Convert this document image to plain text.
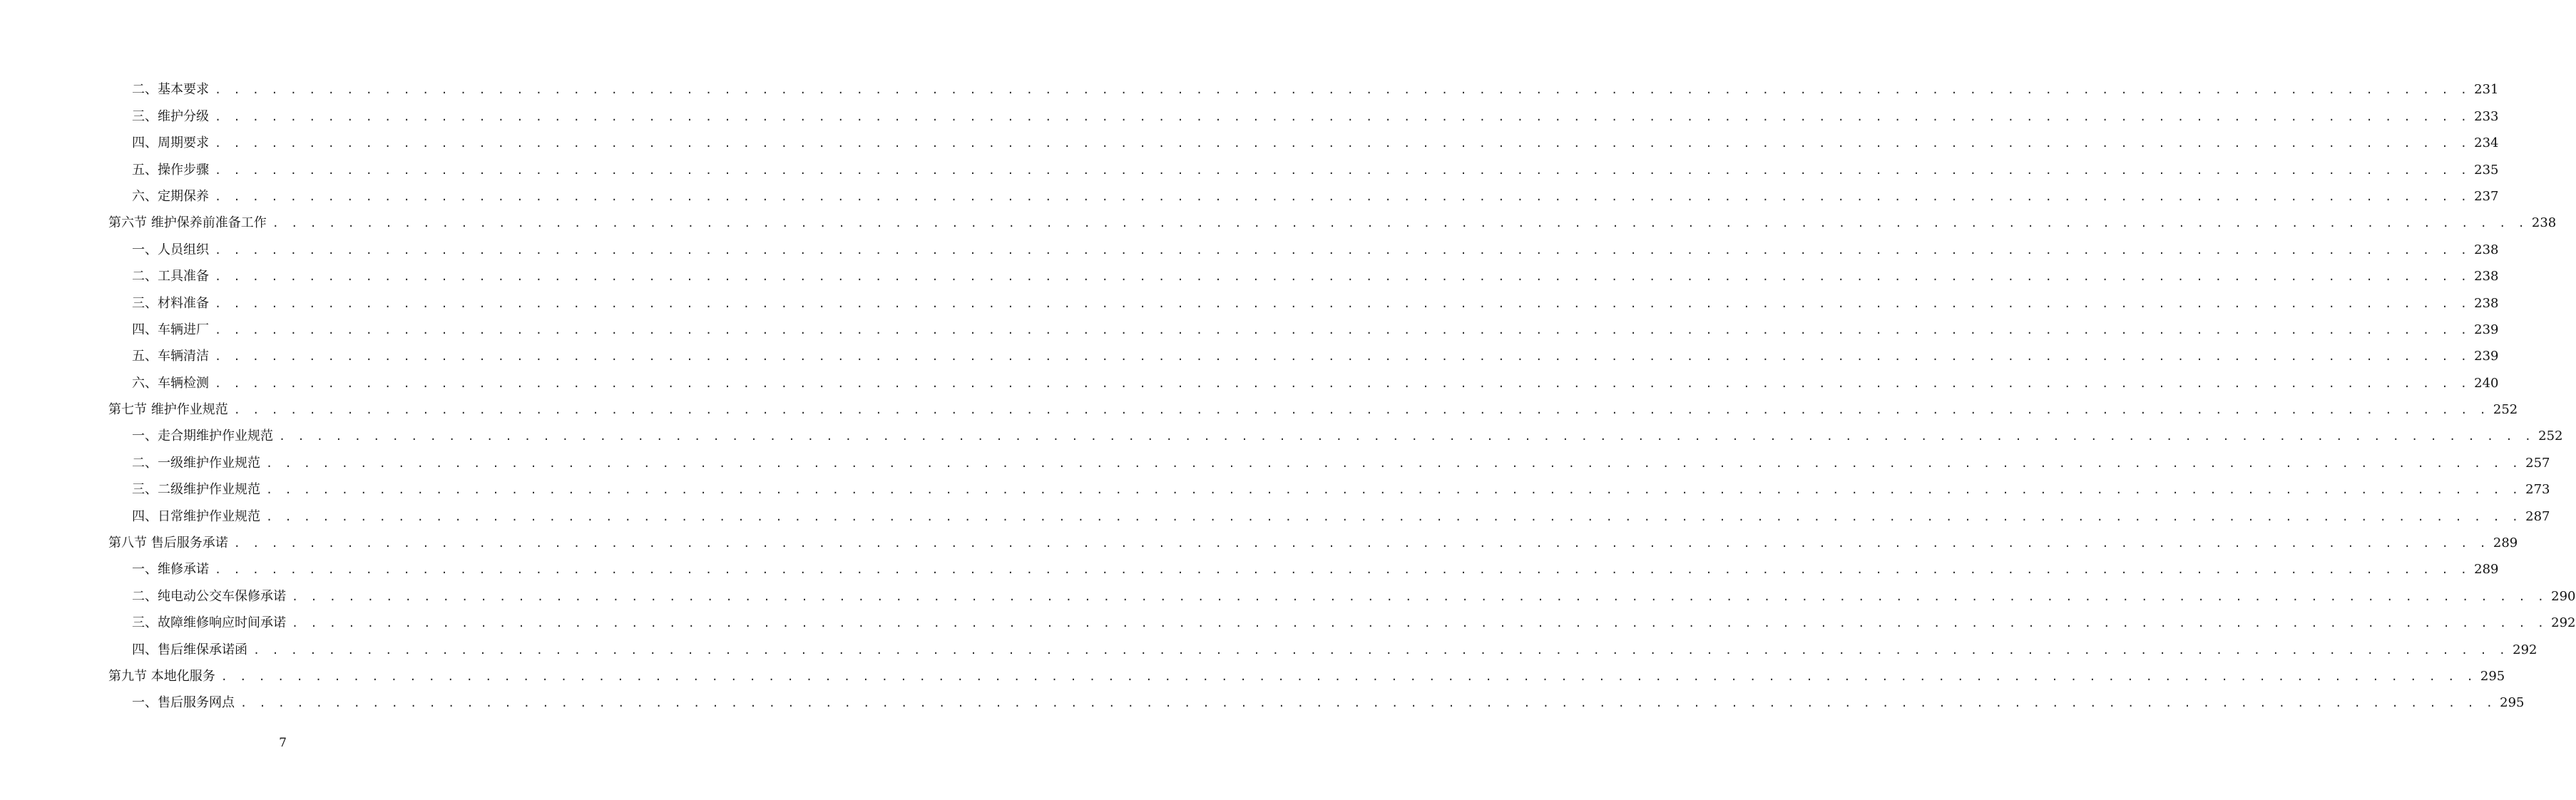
二、基本要求 . . . . . . . . . . . . . . . . . . . . . . . . . . . . . . . . . . . . . . . . . . . . . . . . . . . . . . . . . . . . . . . . . . . . . . . . . . . . . . . . . . . . . . . . . . . . . . . . . . . . . . . . . . . . . . . . . . . . . . . . 231
三、维护分级 . . . . . . . . . . . . . . . . . . . . . . . . . . . . . . . . . . . . . . . . . . . . . . . . . . . . . . . . . . . . . . . . . . . . . . . . . . . . . . . . . . . . . . . . . . . . . . . . . . . . . . . . . . . . . . . . . . . . . . . . 233
四、周期要求 . . . . . . . . . . . . . . . . . . . . . . . . . . . . . . . . . . . . . . . . . . . . . . . . . . . . . . . . . . . . . . . . . . . . . . . . . . . . . . . . . . . . . . . . . . . . . . . . . . . . . . . . . . . . . . . . . . . . . . . . 234
五、操作步骤 . . . . . . . . . . . . . . . . . . . . . . . . . . . . . . . . . . . . . . . . . . . . . . . . . . . . . . . . . . . . . . . . . . . . . . . . . . . . . . . . . . . . . . . . . . . . . . . . . . . . . . . . . . . . . . . . . . . . . . . . 235
六、定期保养 . . . . . . . . . . . . . . . . . . . . . . . . . . . . . . . . . . . . . . . . . . . . . . . . . . . . . . . . . . . . . . . . . . . . . . . . . . . . . . . . . . . . . . . . . . . . . . . . . . . . . . . . . . . . . . . . . . . . . . . . 237
第六节 维护保养前准备工作 . . . . . . . . . . . . . . . . . . . . . . . . . . . . . . . . . . . . . . . . . . . . . . . . . . . . . . . . . . . . . . . . . . . . . . . . . . . . . . . . . . . . . . . . . . . . . . . . . . . . . . . . . . . . . . . . . . . . . . . . 238
一、人员组织 . . . . . . . . . . . . . . . . . . . . . . . . . . . . . . . . . . . . . . . . . . . . . . . . . . . . . . . . . . . . . . . . . . . . . . . . . . . . . . . . . . . . . . . . . . . . . . . . . . . . . . . . . . . . . . . . . . . . . . . . 238
二、工具准备 . . . . . . . . . . . . . . . . . . . . . . . . . . . . . . . . . . . . . . . . . . . . . . . . . . . . . . . . . . . . . . . . . . . . . . . . . . . . . . . . . . . . . . . . . . . . . . . . . . . . . . . . . . . . . . . . . . . . . . . . 238
三、材料准备 . . . . . . . . . . . . . . . . . . . . . . . . . . . . . . . . . . . . . . . . . . . . . . . . . . . . . . . . . . . . . . . . . . . . . . . . . . . . . . . . . . . . . . . . . . . . . . . . . . . . . . . . . . . . . . . . . . . . . . . . 238
四、车辆进厂 . . . . . . . . . . . . . . . . . . . . . . . . . . . . . . . . . . . . . . . . . . . . . . . . . . . . . . . . . . . . . . . . . . . . . . . . . . . . . . . . . . . . . . . . . . . . . . . . . . . . . . . . . . . . . . . . . . . . . . . . 239
五、车辆清洁 . . . . . . . . . . . . . . . . . . . . . . . . . . . . . . . . . . . . . . . . . . . . . . . . . . . . . . . . . . . . . . . . . . . . . . . . . . . . . . . . . . . . . . . . . . . . . . . . . . . . . . . . . . . . . . . . . . . . . . . . 239
六、车辆检测 . . . . . . . . . . . . . . . . . . . . . . . . . . . . . . . . . . . . . . . . . . . . . . . . . . . . . . . . . . . . . . . . . . . . . . . . . . . . . . . . . . . . . . . . . . . . . . . . . . . . . . . . . . . . . . . . . . . . . . . . 240
第七节 维护作业规范 . . . . . . . . . . . . . . . . . . . . . . . . . . . . . . . . . . . . . . . . . . . . . . . . . . . . . . . . . . . . . . . . . . . . . . . . . . . . . . . . . . . . . . . . . . . . . . . . . . . . . . . . . . . . . . . . . . . . . . . . 252
一、走合期维护作业规范 . . . . . . . . . . . . . . . . . . . . . . . . . . . . . . . . . . . . . . . . . . . . . . . . . . . . . . . . . . . . . . . . . . . . . . . . . . . . . . . . . . . . . . . . . . . . . . . . . . . . . . . . . . . . . . . . . . . . . . . . 252
二、一级维护作业规范 . . . . . . . . . . . . . . . . . . . . . . . . . . . . . . . . . . . . . . . . . . . . . . . . . . . . . . . . . . . . . . . . . . . . . . . . . . . . . . . . . . . . . . . . . . . . . . . . . . . . . . . . . . . . . . . . . . . . . . . . 257
三、二级维护作业规范 . . . . . . . . . . . . . . . . . . . . . . . . . . . . . . . . . . . . . . . . . . . . . . . . . . . . . . . . . . . . . . . . . . . . . . . . . . . . . . . . . . . . . . . . . . . . . . . . . . . . . . . . . . . . . . . . . . . . . . . . 273
四、日常维护作业规范 . . . . . . . . . . . . . . . . . . . . . . . . . . . . . . . . . . . . . . . . . . . . . . . . . . . . . . . . . . . . . . . . . . . . . . . . . . . . . . . . . . . . . . . . . . . . . . . . . . . . . . . . . . . . . . . . . . . . . . . . 287
第八节 售后服务承诺 . . . . . . . . . . . . . . . . . . . . . . . . . . . . . . . . . . . . . . . . . . . . . . . . . . . . . . . . . . . . . . . . . . . . . . . . . . . . . . . . . . . . . . . . . . . . . . . . . . . . . . . . . . . . . . . . . . . . . . . . 289
一、维修承诺 . . . . . . . . . . . . . . . . . . . . . . . . . . . . . . . . . . . . . . . . . . . . . . . . . . . . . . . . . . . . . . . . . . . . . . . . . . . . . . . . . . . . . . . . . . . . . . . . . . . . . . . . . . . . . . . . . . . . . . . . 289
二、纯电动公交车保修承诺 . . . . . . . . . . . . . . . . . . . . . . . . . . . . . . . . . . . . . . . . . . . . . . . . . . . . . . . . . . . . . . . . . . . . . . . . . . . . . . . . . . . . . . . . . . . . . . . . . . . . . . . . . . . . . . . . . . . . . . . . 290
三、故障维修响应时间承诺 . . . . . . . . . . . . . . . . . . . . . . . . . . . . . . . . . . . . . . . . . . . . . . . . . . . . . . . . . . . . . . . . . . . . . . . . . . . . . . . . . . . . . . . . . . . . . . . . . . . . . . . . . . . . . . . . . . . . . . . . 292
四、售后维保承诺函 . . . . . . . . . . . . . . . . . . . . . . . . . . . . . . . . . . . . . . . . . . . . . . . . . . . . . . . . . . . . . . . . . . . . . . . . . . . . . . . . . . . . . . . . . . . . . . . . . . . . . . . . . . . . . . . . . . . . . . . . 292
第九节 本地化服务 . . . . . . . . . . . . . . . . . . . . . . . . . . . . . . . . . . . . . . . . . . . . . . . . . . . . . . . . . . . . . . . . . . . . . . . . . . . . . . . . . . . . . . . . . . . . . . . . . . . . . . . . . . . . . . . . . . . . . . . . 295
一、售后服务网点 . . . . . . . . . . . . . . . . . . . . . . . . . . . . . . . . . . . . . . . . . . . . . . . . . . . . . . . . . . . . . . . . . . . . . . . . . . . . . . . . . . . . . . . . . . . . . . . . . . . . . . . . . . . . . . . . . . . . . . . . 295
7
